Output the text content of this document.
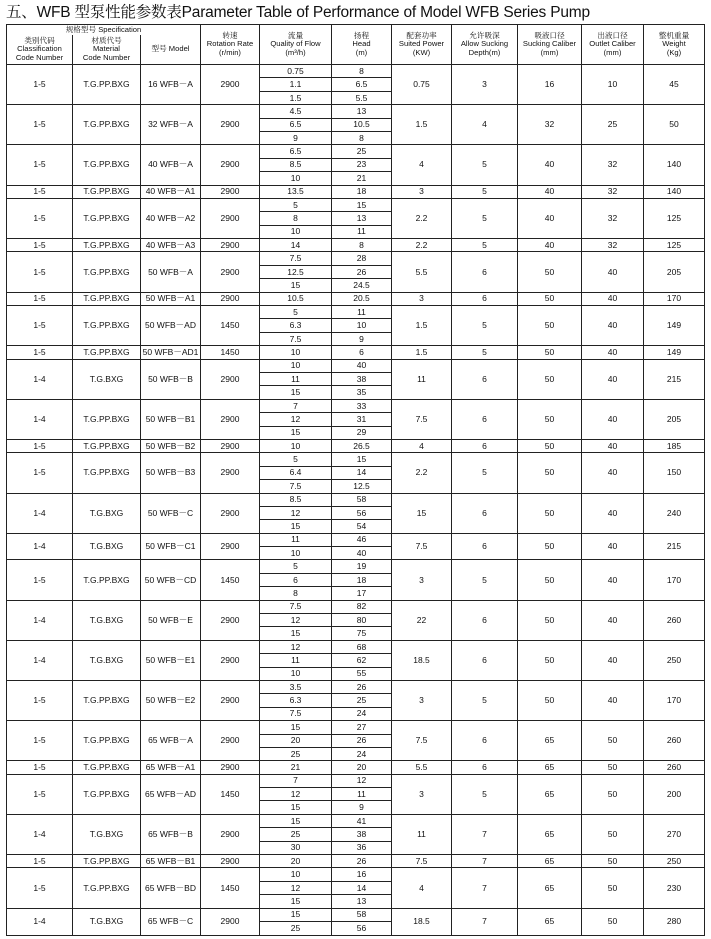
五、WFB 型泵性能参数表Parameter Table of Performance of Model WFB Series Pump
规格型号 Specification			转速
Rotation Rate
(r/min)	流量
Quality of Flow
(m³/h)	扬程
Head
(m)	配套功率
Suited Power
(KW)	允许吸深
Allow Sucking
Depth(m)	吸液口径
Sucking Caliber
(mm)	出液口径
Outlet Caliber
(mm)	整机重量
Weight
(Kg)
类别代码
Classification
Code Number	材质代号
Material
Code Number	型号 Model								
1-5	T.G.PP.BXG	16 WFB－A	2900	0.75	8	0.75	3	16	10	45
				1.1	6.5					
				1.5	5.5					
1-5	T.G.PP.BXG	32 WFB－A	2900	4.5	13	1.5	4	32	25	50
				6.5	10.5					
				9	8					
1-5	T.G.PP.BXG	40 WFB－A	2900	6.5	25	4	5	40	32	140
				8.5	23					
				10	21					
1-5	T.G.PP.BXG	40 WFB－A1	2900	13.5	18	3	5	40	32	140
1-5	T.G.PP.BXG	40 WFB－A2	2900	5	15	2.2	5	40	32	125
				8	13					
				10	11					
1-5	T.G.PP.BXG	40 WFB－A3	2900	14	8	2.2	5	40	32	125
1-5	T.G.PP.BXG	50 WFB－A	2900	7.5	28	5.5	6	50	40	205
				12.5	26					
				15	24.5					
1-5	T.G.PP.BXG	50 WFB－A1	2900	10.5	20.5	3	6	50	40	170
1-5	T.G.PP.BXG	50 WFB－AD	1450	5	11	1.5	5	50	40	149
				6.3	10					
				7.5	9					
1-5	T.G.PP.BXG	50 WFB－AD1	1450	10	6	1.5	5	50	40	149
1-4	T.G.BXG	50 WFB－B	2900	10	40	11	6	50	40	215
				11	38					
				15	35					
1-4	T.G.PP.BXG	50 WFB－B1	2900	7	33	7.5	6	50	40	205
				12	31					
				15	29					
1-5	T.G.PP.BXG	50 WFB－B2	2900	10	26.5	4	6	50	40	185
1-5	T.G.PP.BXG	50 WFB－B3	2900	5	15	2.2	5	50	40	150
				6.4	14					
				7.5	12.5					
1-4	T.G.BXG	50 WFB－C	2900	8.5	58	15	6	50	40	240
				12	56					
				15	54					
1-4	T.G.BXG	50 WFB－C1	2900	11	46	7.5	6	50	40	215
				10	40					
1-5	T.G.PP.BXG	50 WFB－CD	1450	5	19	3	5	50	40	170
				6	18					
				8	17					
1-4	T.G.BXG	50 WFB－E	2900	7.5	82	22	6	50	40	260
				12	80					
				15	75					
1-4	T.G.BXG	50 WFB－E1	2900	12	68	18.5	6	50	40	250
				11	62					
				10	55					
1-5	T.G.PP.BXG	50 WFB－E2	2900	3.5	26	3	5	50	40	170
				6.3	25					
				7.5	24					
1-5	T.G.PP.BXG	65 WFB－A	2900	15	27	7.5	6	65	50	260
				20	26					
				25	24					
1-5	T.G.PP.BXG	65 WFB－A1	2900	21	20	5.5	6	65	50	260
1-5	T.G.PP.BXG	65 WFB－AD	1450	7	12	3	5	65	50	200
				12	11					
				15	9					
1-4	T.G.BXG	65 WFB－B	2900	15	41	11	7	65	50	270
				25	38					
				30	36					
1-5	T.G.PP.BXG	65 WFB－B1	2900	20	26	7.5	7	65	50	250
1-5	T.G.PP.BXG	65 WFB－BD	1450	10	16	4	7	65	50	230
				12	14					
				15	13					
1-4	T.G.BXG	65 WFB－C	2900	15	58	18.5	7	65	50	280
				25	56					
